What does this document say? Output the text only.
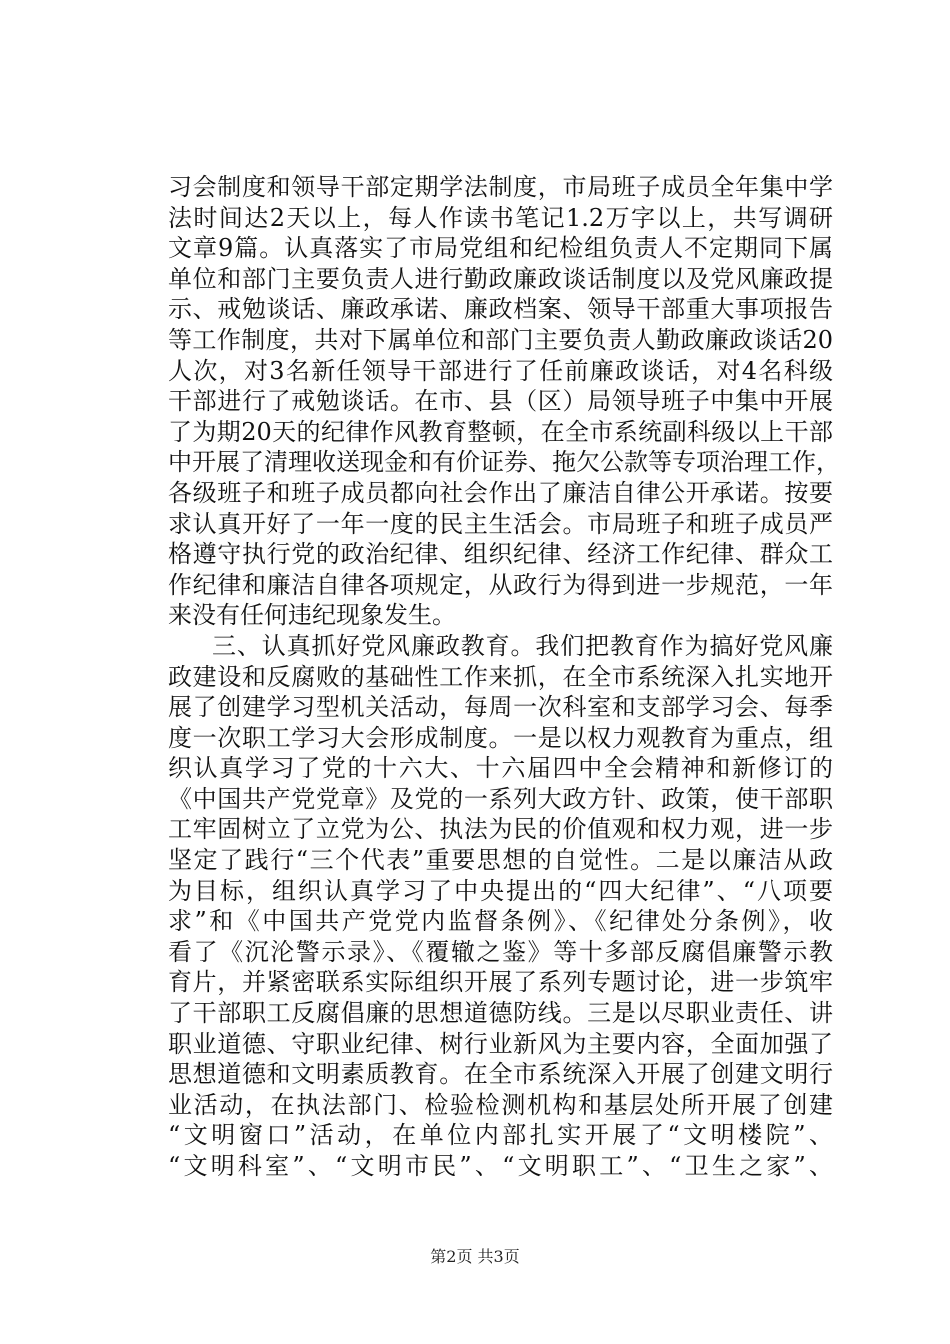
习会制度和领导干部定期学法制度，市局班子成员全年集中学
法时间达2天以上，每人作读书笔记1.2万字以上，共写调研
文章9篇。认真落实了市局党组和纪检组负责人不定期同下属
单位和部门主要负责人进行勤政廉政谈话制度以及党风廉政提
示、戒勉谈话、廉政承诺、廉政档案、领导干部重大事项报告
等工作制度，共对下属单位和部门主要负责人勤政廉政谈话20
人次，对3名新任领导干部进行了任前廉政谈话，对4名科级
干部进行了戒勉谈话。在市、县（区）局领导班子中集中开展
了为期20天的纪律作风教育整顿，在全市系统副科级以上干部
中开展了清理收送现金和有价证券、拖欠公款等专项治理工作，
各级班子和班子成员都向社会作出了廉洁自律公开承诺。按要
求认真开好了一年一度的民主生活会。市局班子和班子成员严
格遵守执行党的政治纪律、组织纪律、经济工作纪律、群众工
作纪律和廉洁自律各项规定，从政行为得到进一步规范，一年
来没有任何违纪现象发生。
三、认真抓好党风廉政教育。我们把教育作为搞好党风廉
政建设和反腐败的基础性工作来抓，在全市系统深入扎实地开
展了创建学习型机关活动，每周一次科室和支部学习会、每季
度一次职工学习大会形成制度。一是以权力观教育为重点，组
织认真学习了党的十六大、十六届四中全会精神和新修订的
《中国共产党党章》及党的一系列大政方针、政策，使干部职
工牢固树立了立党为公、执法为民的价值观和权力观，进一步
坚定了践行“三个代表”重要思想的自觉性。二是以廉洁从政
为目标，组织认真学习了中央提出的“四大纪律”、“八项要
求”和《中国共产党党内监督条例》、《纪律处分条例》，收
看了《沉沦警示录》、《覆辙之鉴》等十多部反腐倡廉警示教
育片，并紧密联系实际组织开展了系列专题讨论，进一步筑牢
了干部职工反腐倡廉的思想道德防线。三是以尽职业责任、讲
职业道德、守职业纪律、树行业新风为主要内容，全面加强了
思想道德和文明素质教育。在全市系统深入开展了创建文明行
业活动，在执法部门、检验检测机构和基层处所开展了创建
“文明窗口”活动，在单位内部扎实开展了“文明楼院”、
“文明科室”、“文明市民”、“文明职工”、“卫生之家”、
第2页 共3页
